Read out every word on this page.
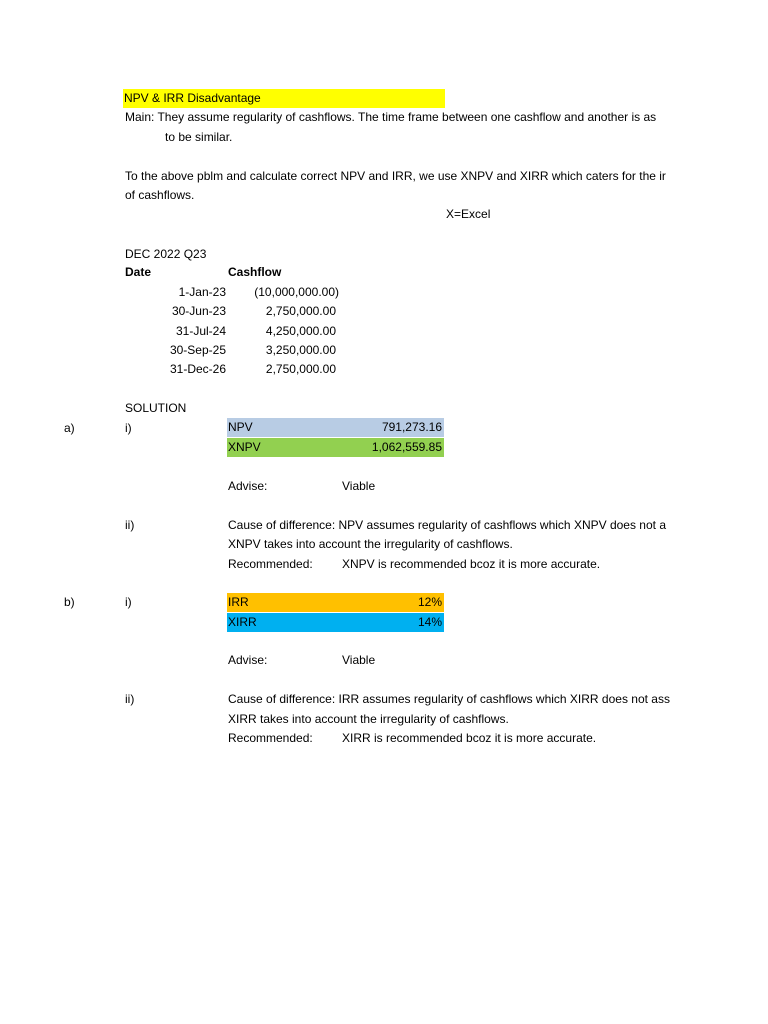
NPV & IRR Disadvantage
Main: They assume regularity of cashflows. The time frame between one cashflow and another is as
to be similar.
To the above pblm and calculate correct NPV and IRR, we use XNPV and XIRR which caters for the ir
of cashflows.
X=Excel
DEC 2022 Q23
Date	Cashflow
1-Jan-23	(10,000,000.00)
30-Jun-23	2,750,000.00
31-Jul-24	4,250,000.00
30-Sep-25	3,250,000.00
31-Dec-26	2,750,000.00
SOLUTION
a)	i)	NPV	791,273.16
XNPV	1,062,559.85
Advise:	Viable
ii)	Cause of difference: NPV assumes regularity of cashflows which XNPV does not a
XNPV takes into account the irregularity of cashflows.
Recommended: XNPV is recommended bcoz it is more accurate.
b)	i)	IRR	12%
XIRR	14%
Advise:	Viable
ii)	Cause of difference: IRR assumes regularity of cashflows which XIRR does not ass
XIRR takes into account the irregularity of cashflows.
Recommended: XIRR is recommended bcoz it is more accurate.
